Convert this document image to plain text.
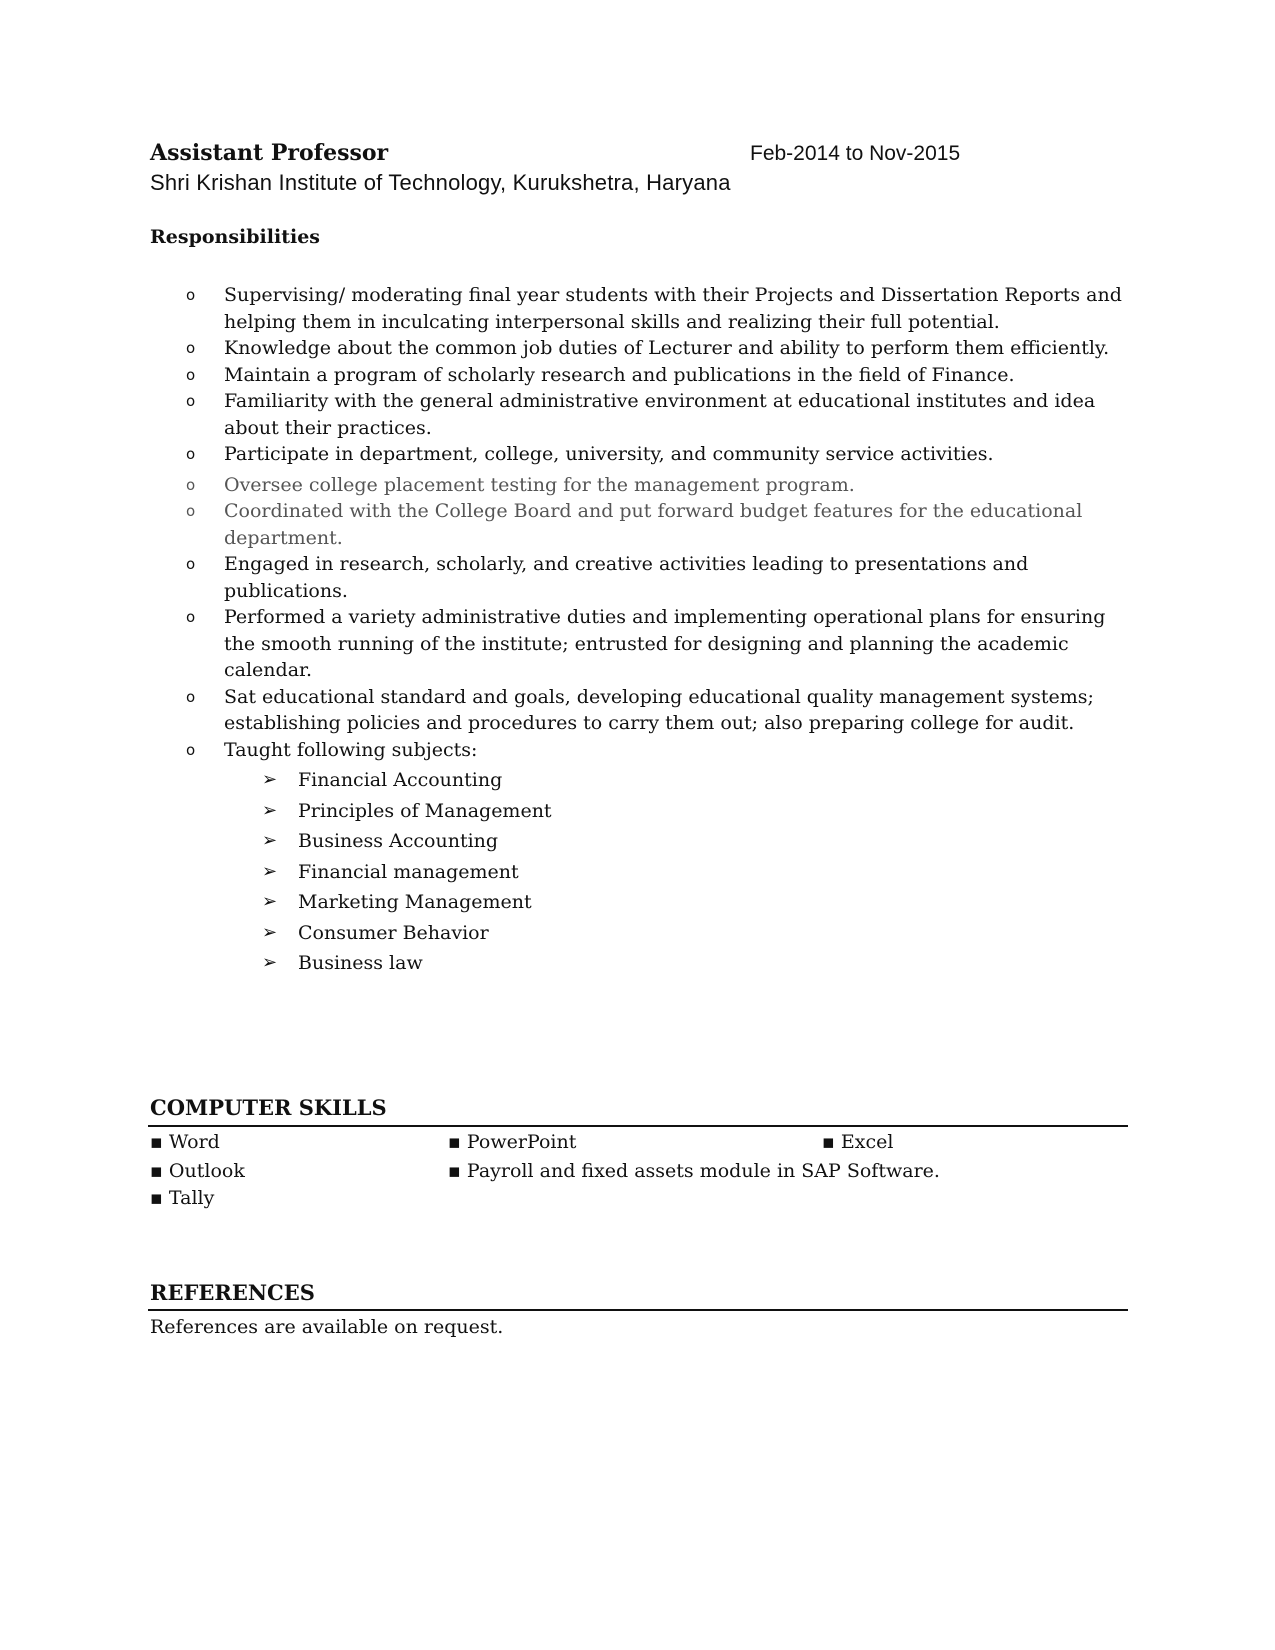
Assistant Professor	Feb-2014 to Nov-2015
Shri Krishan Institute of Technology, Kurukshetra, Haryana
Responsibilities
o Supervising/ moderating final year students with their Projects and Dissertation Reports and helping them in inculcating interpersonal skills and realizing their full potential.
o Knowledge about the common job duties of Lecturer and ability to perform them efficiently.
o Maintain a program of scholarly research and publications in the field of Finance.
o Familiarity with the general administrative environment at educational institutes and idea about their practices.
o Participate in department, college, university, and community service activities.
o Oversee college placement testing for the management program.
o Coordinated with the College Board and put forward budget features for the educational department.
o Engaged in research, scholarly, and creative activities leading to presentations and publications.
o Performed a variety administrative duties and implementing operational plans for ensuring the smooth running of the institute; entrusted for designing and planning the academic calendar.
o Sat educational standard and goals, developing educational quality management systems; establishing policies and procedures to carry them out; also preparing college for audit.
o Taught following subjects:
➢ Financial Accounting
➢ Principles of Management
➢ Business Accounting
➢ Financial management
➢ Marketing Management
➢ Consumer Behavior
➢ Business law
COMPUTER SKILLS
▪ Word	▪ PowerPoint	▪ Excel
▪ Outlook	▪ Payroll and fixed assets module in SAP Software.
▪ Tally
REFERENCES
References are available on request.
